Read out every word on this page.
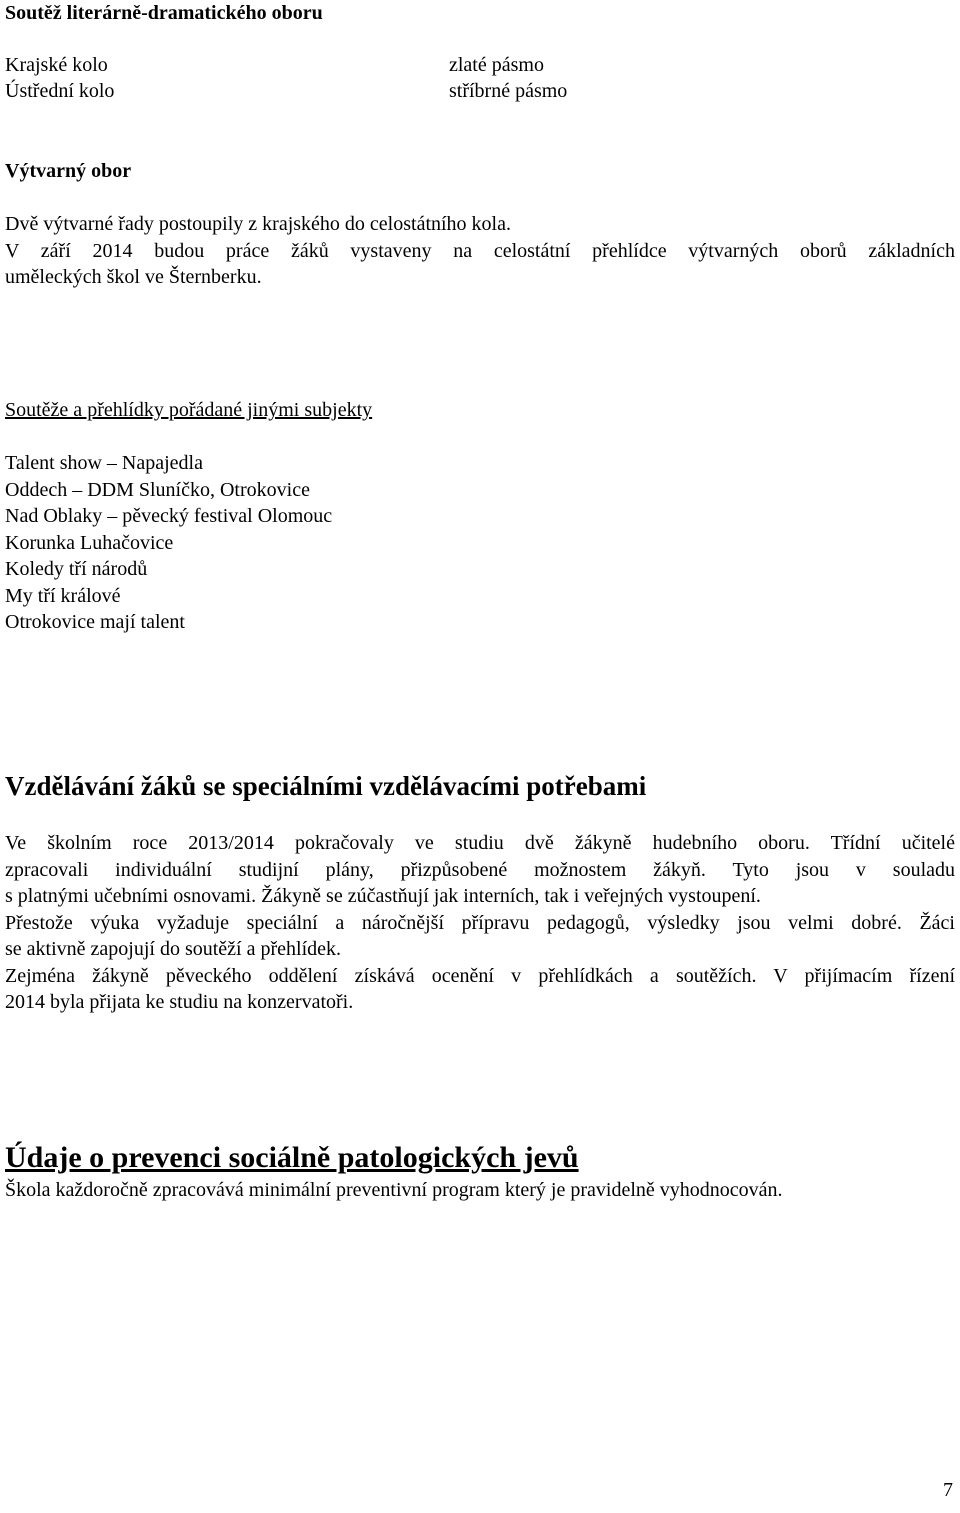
Soutěž literárně-dramatického oboru
Krajské kolo	zlaté pásmo
Ústřední kolo	stříbrné pásmo
Výtvarný obor
Dvě výtvarné řady postoupily z krajského do celostátního kola.
V září 2014 budou práce žáků vystaveny na celostátní přehlídce výtvarných oborů základních
uměleckých škol ve Šternberku.
Soutěže a přehlídky pořádané jinými subjekty
Talent show – Napajedla
Oddech – DDM Sluníčko, Otrokovice
Nad Oblaky – pěvecký festival Olomouc
Korunka Luhačovice
Koledy tří národů
My tří králové
Otrokovice mají talent
Vzdělávání žáků se speciálními vzdělávacími potřebami
Ve školním roce 2013/2014 pokračovaly ve studiu dvě žákyně hudebního oboru. Třídní učitelé
zpracovali individuální studijní plány, přizpůsobené možnostem žákyň. Tyto jsou v souladu
s platnými učebními osnovami. Žákyně se zúčastňují jak interních, tak i veřejných vystoupení.
Přestože výuka vyžaduje speciální a náročnější přípravu pedagogů, výsledky jsou velmi dobré. Žáci
se aktivně zapojují do soutěží a přehlídek.
Zejména žákyně pěveckého oddělení získává ocenění v přehlídkách a soutěžích. V přijímacím řízení
2014 byla přijata ke studiu na konzervatoři.
Údaje o prevenci sociálně patologických jevů
Škola každoročně zpracovává minimální preventivní program který je pravidelně vyhodnocován.
7
